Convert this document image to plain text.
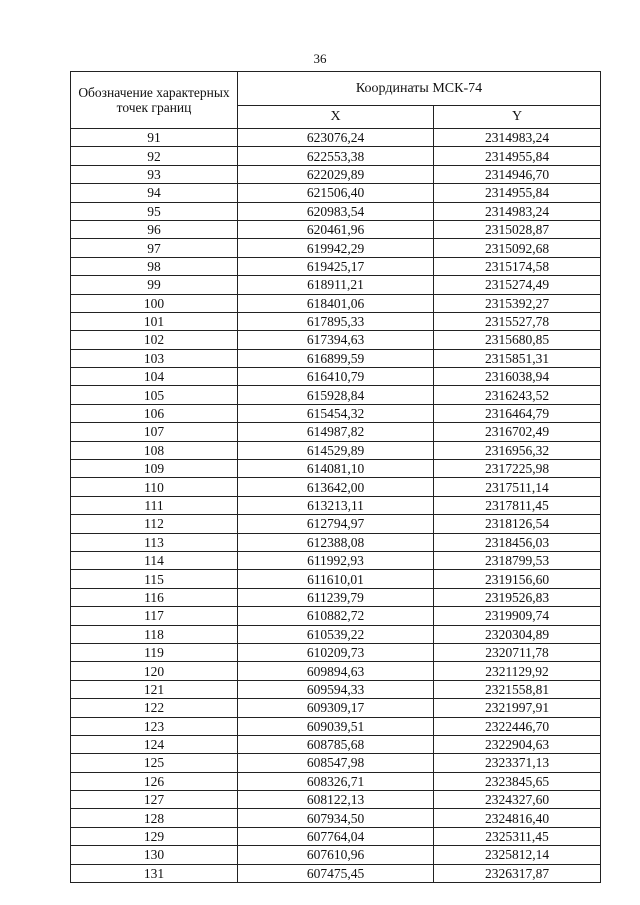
36
Обозначение характерных точек границ	Координаты МСК-74	
	X	Y
91	623076,24	2314983,24
92	622553,38	2314955,84
93	622029,89	2314946,70
94	621506,40	2314955,84
95	620983,54	2314983,24
96	620461,96	2315028,87
97	619942,29	2315092,68
98	619425,17	2315174,58
99	618911,21	2315274,49
100	618401,06	2315392,27
101	617895,33	2315527,78
102	617394,63	2315680,85
103	616899,59	2315851,31
104	616410,79	2316038,94
105	615928,84	2316243,52
106	615454,32	2316464,79
107	614987,82	2316702,49
108	614529,89	2316956,32
109	614081,10	2317225,98
110	613642,00	2317511,14
111	613213,11	2317811,45
112	612794,97	2318126,54
113	612388,08	2318456,03
114	611992,93	2318799,53
115	611610,01	2319156,60
116	611239,79	2319526,83
117	610882,72	2319909,74
118	610539,22	2320304,89
119	610209,73	2320711,78
120	609894,63	2321129,92
121	609594,33	2321558,81
122	609309,17	2321997,91
123	609039,51	2322446,70
124	608785,68	2322904,63
125	608547,98	2323371,13
126	608326,71	2323845,65
127	608122,13	2324327,60
128	607934,50	2324816,40
129	607764,04	2325311,45
130	607610,96	2325812,14
131	607475,45	2326317,87
